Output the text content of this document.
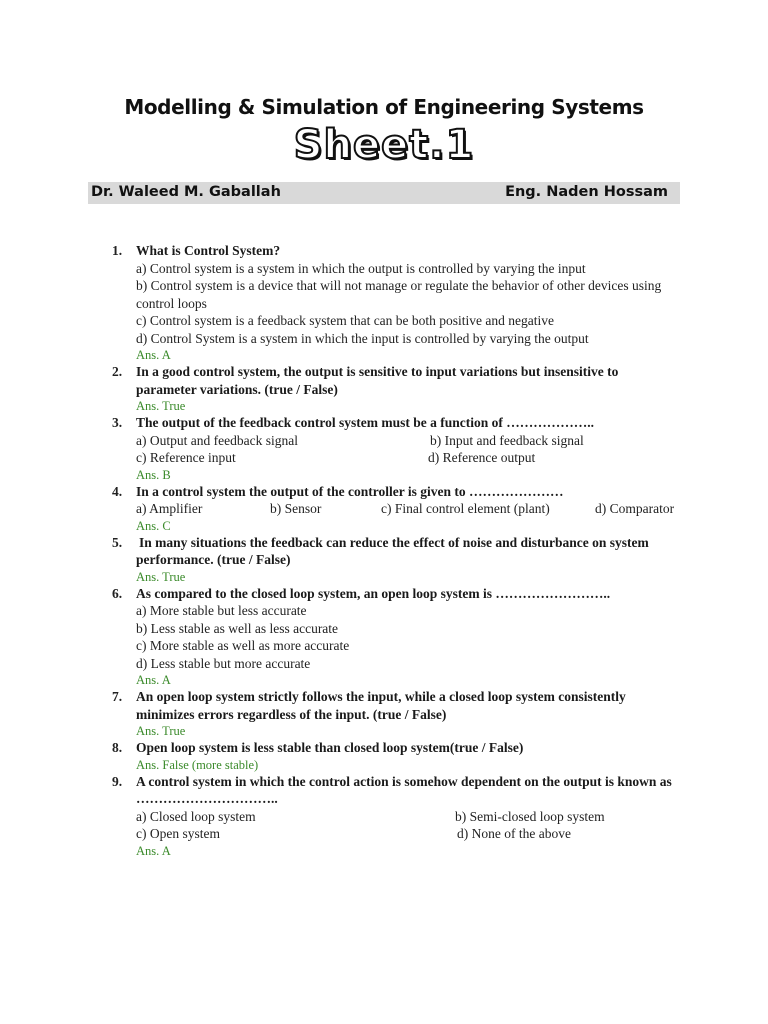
Modelling & Simulation of Engineering Systems
Sheet.1
Dr. Waleed M. Gaballah	Eng. Naden Hossam
1. What is Control System?
a) Control system is a system in which the output is controlled by varying the input
b) Control system is a device that will not manage or regulate the behavior of other devices using control loops
c) Control system is a feedback system that can be both positive and negative
d) Control System is a system in which the input is controlled by varying the output
Ans. A
2. In a good control system, the output is sensitive to input variations but insensitive to parameter variations. (true / False)
Ans. True
3. The output of the feedback control system must be a function of ………………..
a) Output and feedback signal	b) Input and feedback signal
c) Reference input	d) Reference output
Ans. B
4. In a control system the output of the controller is given to …………………
a) Amplifier	b) Sensor	c) Final control element (plant)	d) Comparator
Ans. C
5. In many situations the feedback can reduce the effect of noise and disturbance on system performance. (true / False)
Ans. True
6. As compared to the closed loop system, an open loop system is ……………………..
a) More stable but less accurate
b) Less stable as well as less accurate
c) More stable as well as more accurate
d) Less stable but more accurate
Ans. A
7. An open loop system strictly follows the input, while a closed loop system consistently minimizes errors regardless of the input. (true / False)
Ans. True
8. Open loop system is less stable than closed loop system(true / False)
Ans. False (more stable)
9. A control system in which the control action is somehow dependent on the output is known as …………………………..
a) Closed loop system	b) Semi-closed loop system
c) Open system	d) None of the above
Ans. A
